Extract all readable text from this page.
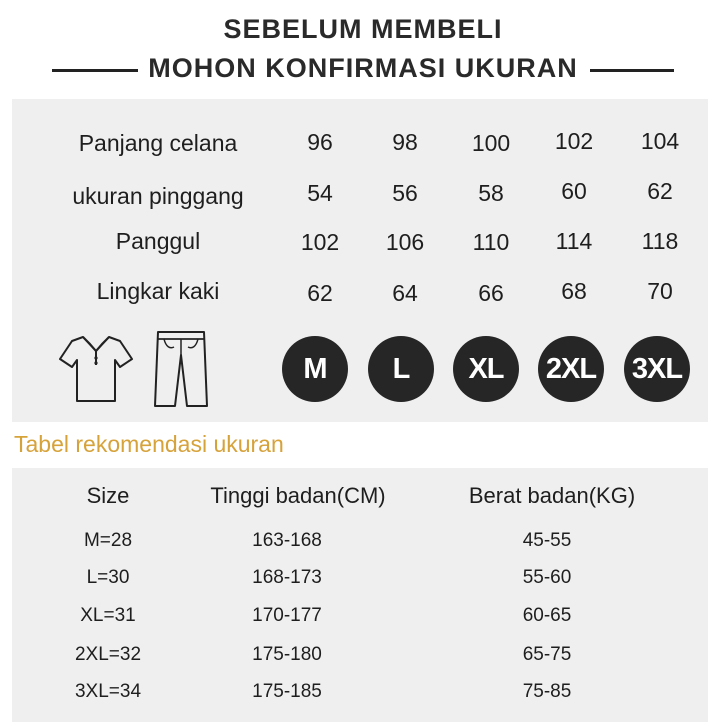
SEBELUM MEMBELI
MOHON KONFIRMASI UKURAN
Panjang celana	96	98	100	102	104
ukuran pinggang	54	56	58	60	62
Panggul	102	106	110	114	118
Lingkar kaki	62	64	66	68	70
M	L	XL	2XL 3XL
Tabel rekomendasi ukuran
Size	Tinggi badan(CM)	Berat badan(KG)
M=28	163-168	45-55
L=30	168-173	55-60
XL=31	170-177	60-65
2XL=32	175-180	65-75
3XL=34	175-185	75-85
